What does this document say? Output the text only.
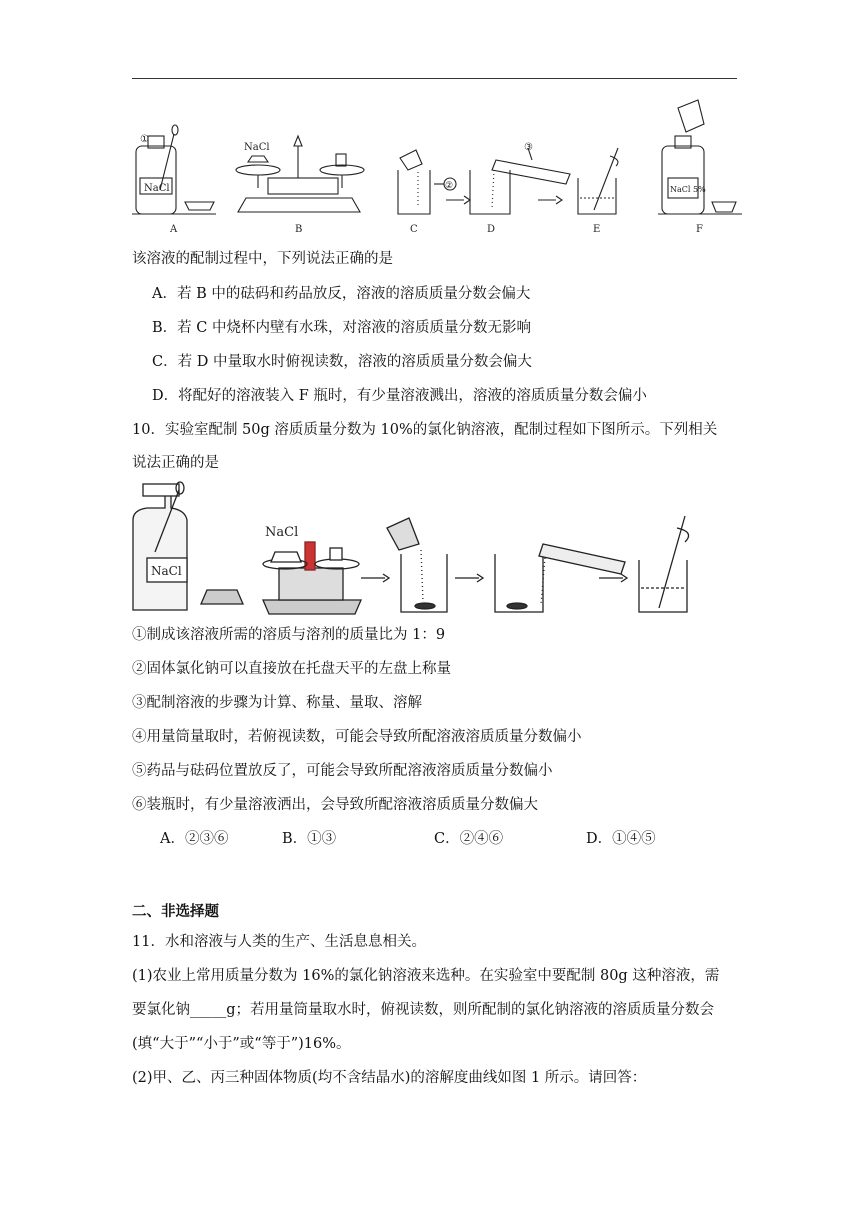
①
NaCl
NaCl
②
③
NaCl 5%
A	B	C	D	E	F
该溶液的配制过程中，下列说法正确的是
A．若 B 中的砝码和药品放反，溶液的溶质质量分数会偏大
B．若 C 中烧杯内壁有水珠，对溶液的溶质质量分数无影响
C．若 D 中量取水时俯视读数，溶液的溶质质量分数会偏大
D．将配好的溶液装入 F 瓶时，有少量溶液溅出，溶液的溶质质量分数会偏小
10．实验室配制 50g 溶质质量分数为 10%的氯化钠溶液，配制过程如下图所示。下列相关
说法正确的是
NaCl
NaCl
①制成该溶液所需的溶质与溶剂的质量比为 1：9
②固体氯化钠可以直接放在托盘天平的左盘上称量
③配制溶液的步骤为计算、称量、量取、溶解
④用量筒量取时，若俯视读数，可能会导致所配溶液溶质质量分数偏小
⑤药品与砝码位置放反了，可能会导致所配溶液溶质质量分数偏小
⑥装瓶时，有少量溶液洒出，会导致所配溶液溶质质量分数偏大
A．②③⑥	B．①③	C．②④⑥	D．①④⑤
二、非选择题
11．水和溶液与人类的生产、生活息息相关。
(1)农业上常用质量分数为 16%的氯化钠溶液来选种。在实验室中要配制 80g 这种溶液，需
要氯化钠_____g；若用量筒量取水时，俯视读数，则所配制的氯化钠溶液的溶质质量分数会
(填“大于”“小于”或“等于”)16%。
(2)甲、乙、丙三种固体物质(均不含结晶水)的溶解度曲线如图 1 所示。请回答：
